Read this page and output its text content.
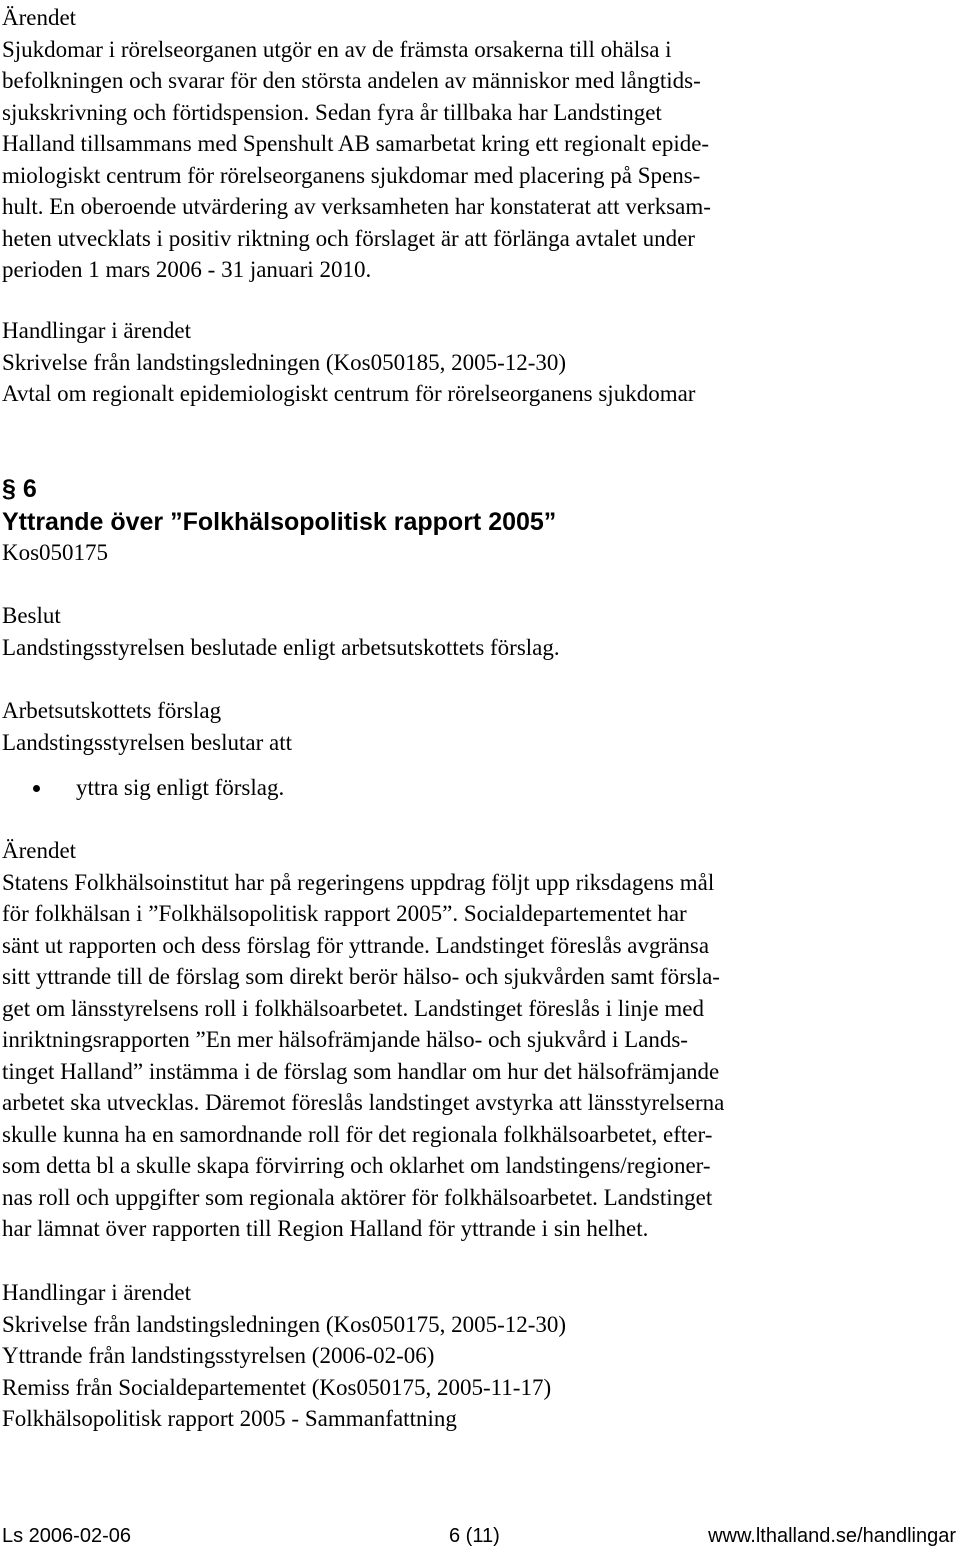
Ärendet
Sjukdomar i rörelseorganen utgör en av de främsta orsakerna till ohälsa i
befolkningen och svarar för den största andelen av människor med långtids-
sjukskrivning och förtidspension. Sedan fyra år tillbaka har Landstinget
Halland tillsammans med Spenshult AB samarbetat kring ett regionalt epide-
miologiskt centrum för rörelseorganens sjukdomar med placering på Spens-
hult. En oberoende utvärdering av verksamheten har konstaterat att verksam-
heten utvecklats i positiv riktning och förslaget är att förlänga avtalet under
perioden 1 mars 2006 - 31 januari 2010.
Handlingar i ärendet
Skrivelse från landstingsledningen (Kos050185, 2005-12-30)
Avtal om regionalt epidemiologiskt centrum för rörelseorganens sjukdomar
§ 6
Yttrande över ”Folkhälsopolitisk rapport 2005”
Kos050175
Beslut
Landstingsstyrelsen beslutade enligt arbetsutskottets förslag.
Arbetsutskottets förslag
Landstingsstyrelsen beslutar att
yttra sig enligt förslag.
Ärendet
Statens Folkhälsoinstitut har på regeringens uppdrag följt upp riksdagens mål
för folkhälsan i ”Folkhälsopolitisk rapport 2005”. Socialdepartementet har
sänt ut rapporten och dess förslag för yttrande. Landstinget föreslås avgränsa
sitt yttrande till de förslag som direkt berör hälso- och sjukvården samt försla-
get om länsstyrelsens roll i folkhälsoarbetet. Landstinget föreslås i linje med
inriktningsrapporten ”En mer hälsofrämjande hälso- och sjukvård i Lands-
tinget Halland” instämma i de förslag som handlar om hur det hälsofrämjande
arbetet ska utvecklas. Däremot föreslås landstinget avstyrka att länsstyrelserna
skulle kunna ha en samordnande roll för det regionala folkhälsoarbetet, efter-
som detta bl a skulle skapa förvirring och oklarhet om landstingens/regioner-
nas roll och uppgifter som regionala aktörer för folkhälsoarbetet. Landstinget
har lämnat över rapporten till Region Halland för yttrande i sin helhet.
Handlingar i ärendet
Skrivelse från landstingsledningen (Kos050175, 2005-12-30)
Yttrande från landstingsstyrelsen (2006-02-06)
Remiss från Socialdepartementet (Kos050175, 2005-11-17)
Folkhälsopolitisk rapport 2005 - Sammanfattning
Ls 2006-02-06	6 (11)	www.lthalland.se/handlingar
